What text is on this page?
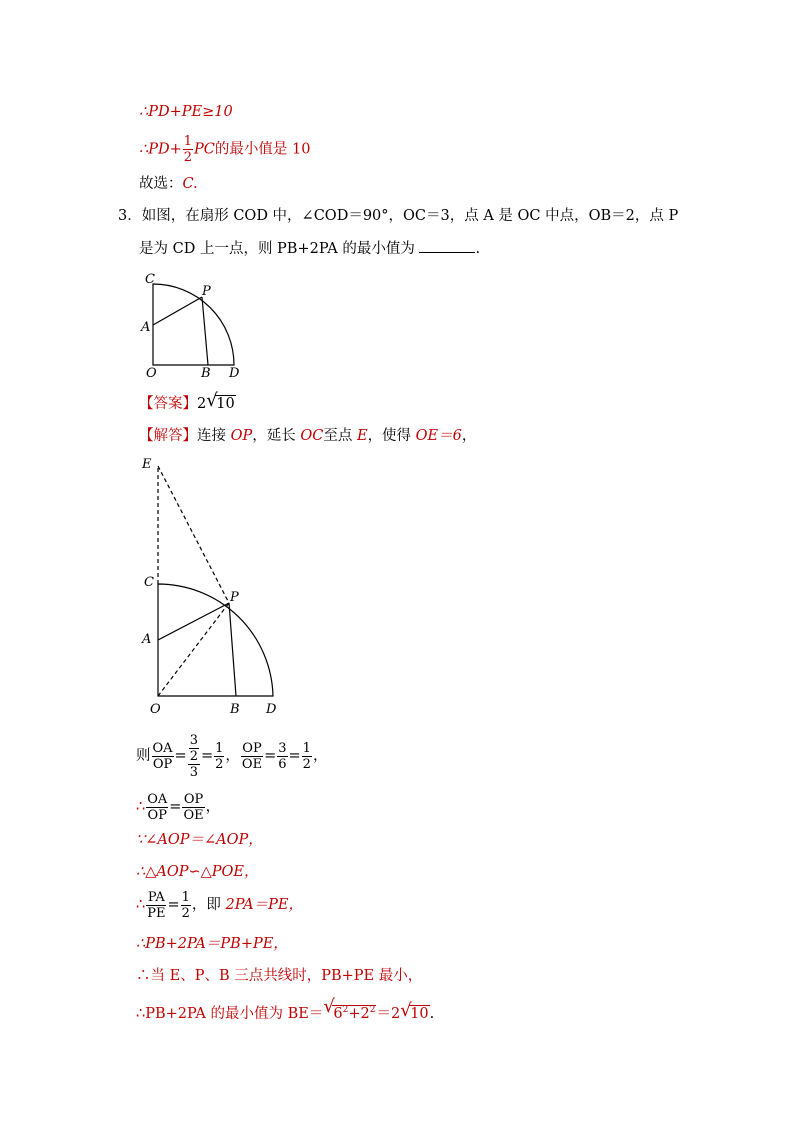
∴PD+PE≥10
∴PD+ $\frac{1}{2}$ PC的最小值是 10
故选：C.
3．如图，在扇形 COD 中，∠COD＝90°，OC＝3，点 A 是 OC 中点，OB＝2，点 P
是为 CD 上一点，则 PB+2PA 的最小值为	.
C
P
A
O	B D
【答案】2 √
10
【解答】连接 OP，延长 OC至点 E，使得 OE＝6，
E
C
P
A
O	B D
则 $\frac{OA}{OP} = \frac{\frac{3}{2}}{3} = \frac{1}{2}$ ， $\frac{OP}{OE} = \frac{3}{6} = \frac{1}{2}$ ，
∴ $\frac{OA}{OP} = \frac{OP}{OE}$ ，
∵∠AOP＝∠AOP，
∴△AOP∽△POE，
∴ $\frac{PA}{PE} = \frac{1}{2}$ ，即 2PA＝PE，
∴PB+2PA＝PB+PE，
∴当 E、P、B 三点共线时，PB+PE 最小，
∴PB+2PA 的最小值为 BE＝ √
$6^2+2^2=2$ √
10.
